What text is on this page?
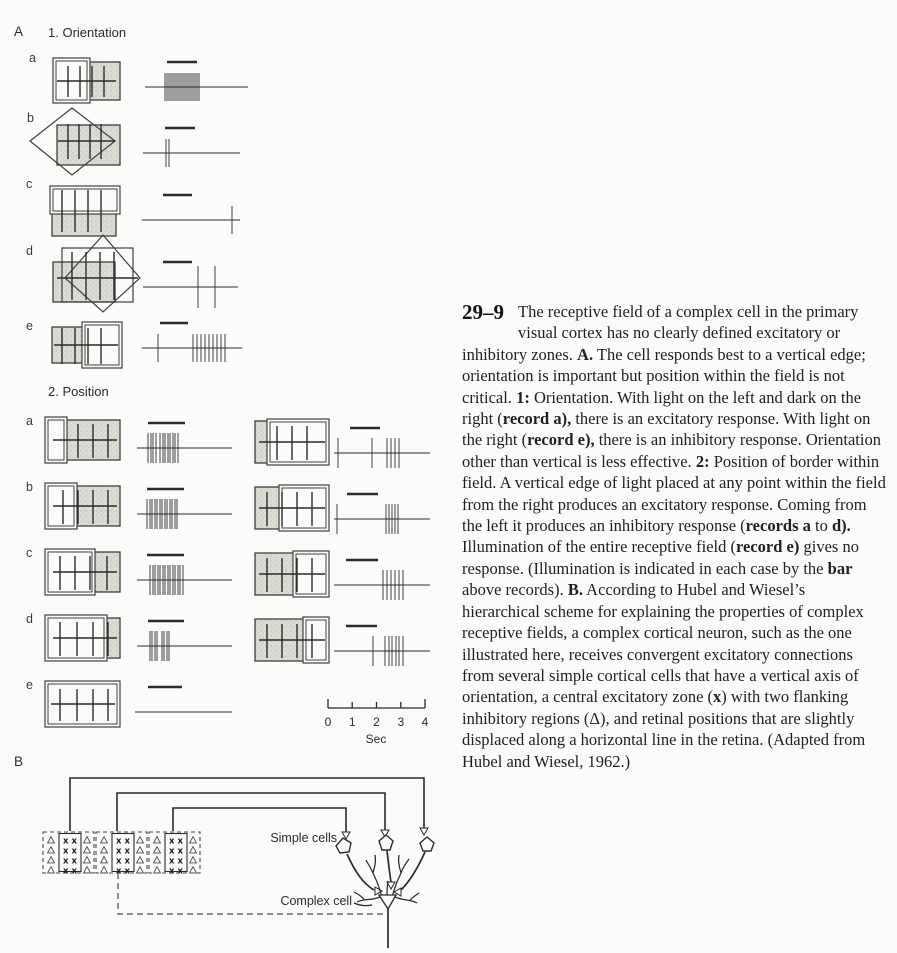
A 1. Orientation
2. Position
a
b
c
d
e
a
b
c
d
e
0 1 2 3 4
Sec
B
x x
x x
x x
x x
x x
x x
x x
x x
x x
x x
x x
x x
Simple cells
Complex cell
29–9 The receptive field of a complex cell in the primary visual cortex has no clearly defined excitatory or inhibitory zones. A. The cell responds best to a vertical edge; orientation is important but position within the field is not critical. 1: Orientation. With light on the left and dark on the right (record a), there is an excitatory response. With light on the right (record e), there is an inhibitory response. Orientation other than vertical is less effective. 2: Position of border within field. A vertical edge of light placed at any point within the field from the right produces an excitatory response. Coming from the left it produces an inhibitory response (records a to d). Illumination of the entire receptive field (record e) gives no response. (Illumination is indicated in each case by the bar above records). B. According to Hubel and Wiesel’s hierarchical scheme for explaining the properties of complex receptive fields, a complex cortical neuron, such as the one illustrated here, receives convergent excitatory connections from several simple cortical cells that have a vertical axis of orientation, a central excitatory zone (x) with two flanking inhibitory regions (Δ), and retinal positions that are slightly displaced along a horizontal line in the retina. (Adapted from Hubel and Wiesel, 1962.)
